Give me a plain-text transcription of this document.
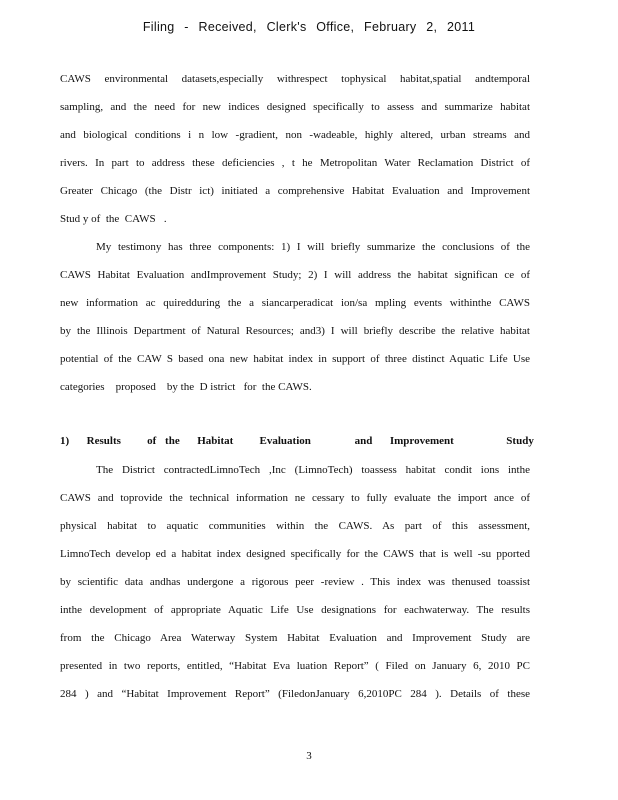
Filing - Received, Clerk's Office, February 2, 2011
CAWS environmental datasets,especially withrespect tophysical habitat,spatial andtemporal
sampling, and the need for new indices designed specifically to assess and summarize habitat
and biological conditions i n low -gradient, non -wadeable, highly altered, urban streams and
rivers. In part to address these deficiencies , t he Metropolitan Water Reclamation District of
Greater Chicago (the Distr ict) initiated a comprehensive Habitat Evaluation and Improvement
Stud y of  the  CAWS   .
My testimony has three components: 1) I will briefly summarize the conclusions of the
CAWS Habitat Evaluation andImprovement Study; 2) I will address the habitat significan ce of
new information ac quiredduring the a siancarperadicat ion/sa mpling events withinthe CAWS
by the Illinois Department of Natural Resources; and3) I will briefly describe the relative habitat
potential of the CAW S based ona new habitat index in support of three distinct Aquatic Life Use
categories    proposed    by the  D istrict   for  the CAWS.
1)  Results   of the  Habitat   Evaluation     and  Improvement      Study
The District contractedLimnoTech ,Inc (LimnoTech) toassess habitat condit ions inthe
CAWS and toprovide the technical information ne cessary to fully evaluate the import ance of
physical habitat to aquatic communities within the CAWS. As part of this assessment,
LimnoTech develop ed a habitat index designed specifically for the CAWS that is well -su pported
by scientific data andhas undergone a rigorous peer -review . This index was thenused toassist
inthe development of appropriate Aquatic Life Use designations for eachwaterway. The results
from the Chicago Area Waterway System Habitat Evaluation and Improvement Study are
presented in two reports, entitled, “Habitat Eva luation Report” ( Filed on January 6, 2010 PC
284 ) and “Habitat Improvement Report” (FiledonJanuary 6,2010PC 284 ). Details of these
3
